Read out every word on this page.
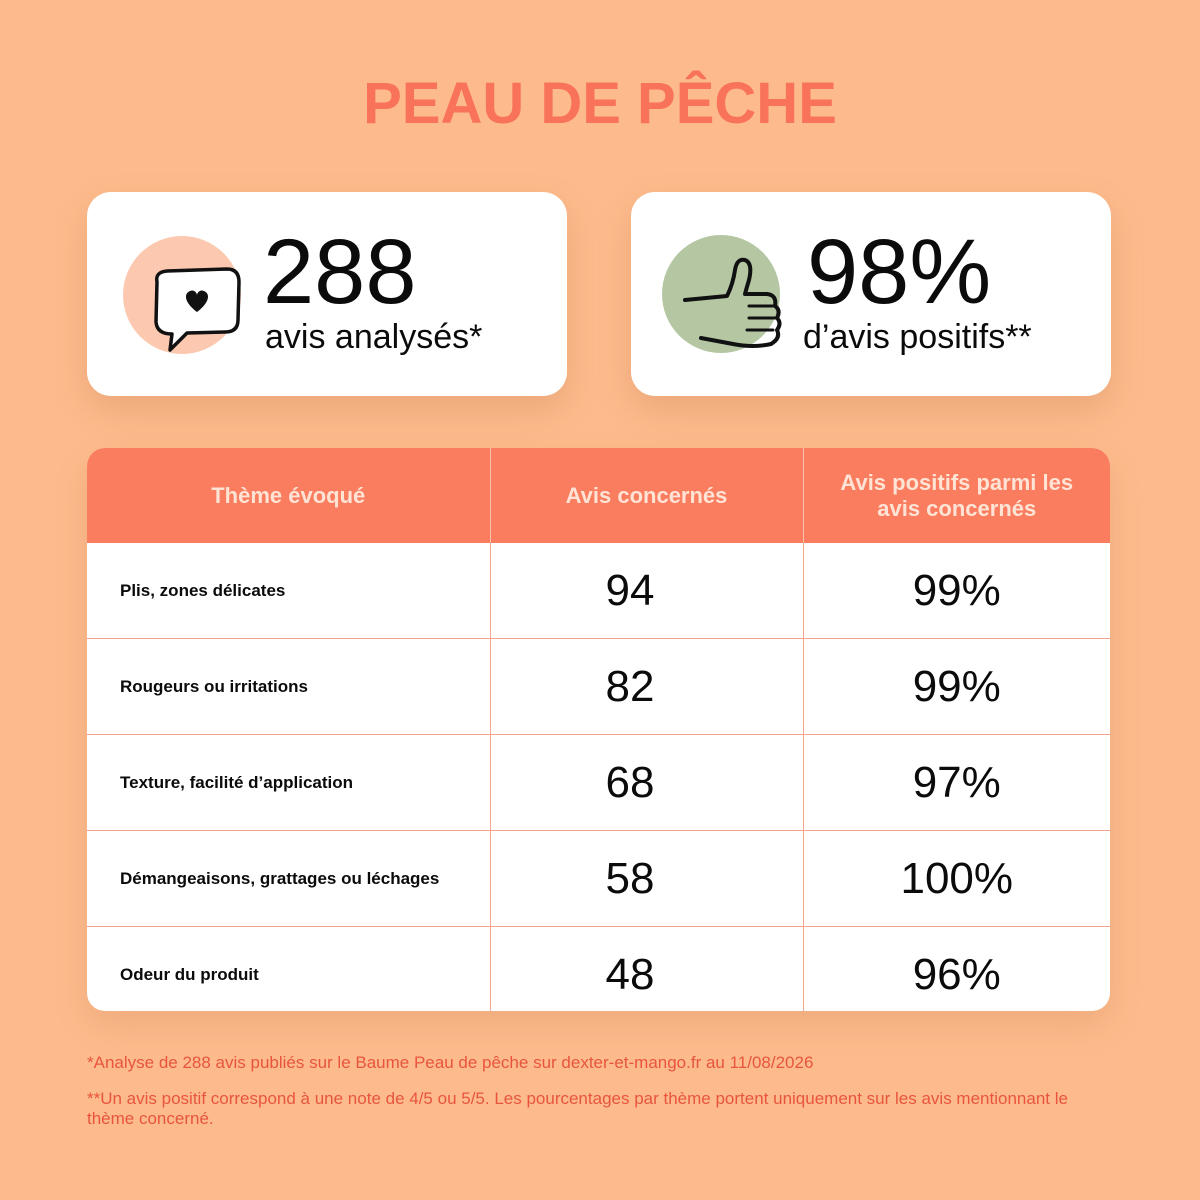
PEAU DE PÊCHE
288
avis analysés*
98%
d’avis positifs**
Thème évoqué	Avis concernés	Avis positifs parmi les avis concernés
Plis, zones délicates	94	99%
Rougeurs ou irritations	82	99%
Texture, facilité d’application	68	97%
Démangeaisons, grattages ou léchages	58	100%
Odeur du produit	48	96%
*Analyse de 288 avis publiés sur le Baume Peau de pêche sur dexter-et-mango.fr au 11/08/2026
**Un avis positif correspond à une note de 4/5 ou 5/5. Les pourcentages par thème portent uniquement sur les avis mentionnant le thème concerné.
